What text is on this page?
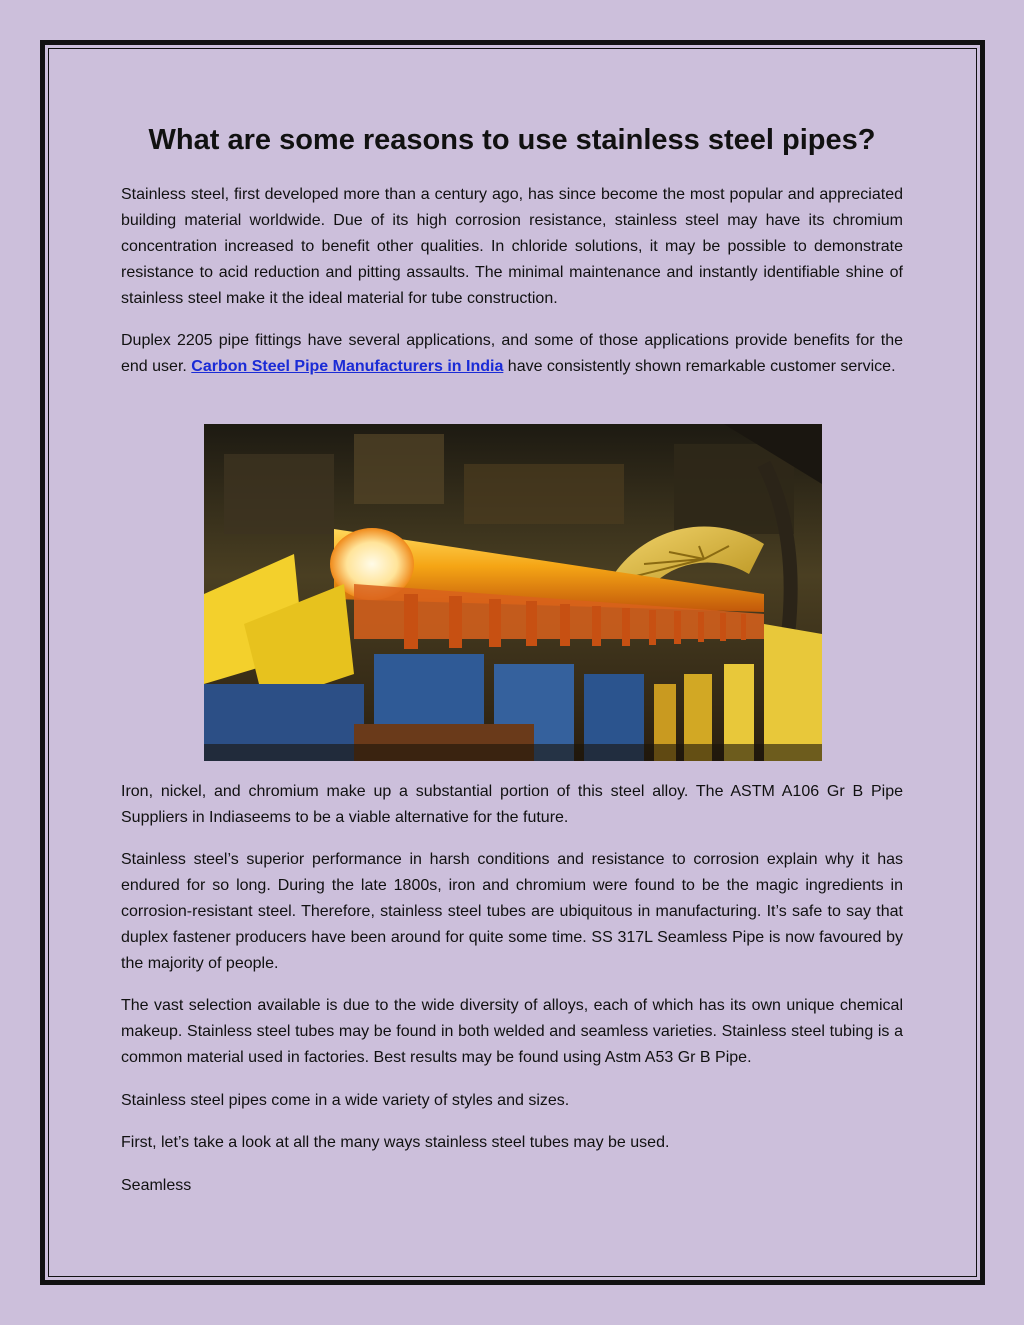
What are some reasons to use stainless steel pipes?

Stainless steel, first developed more than a century ago, has since become the most popular and appreciated building material worldwide. Due of its high corrosion resistance, stainless steel may have its chromium concentration increased to benefit other qualities. In chloride solutions, it may be possible to demonstrate resistance to acid reduction and pitting assaults. The minimal maintenance and instantly identifiable shine of stainless steel make it the ideal material for tube construction.

Duplex 2205 pipe fittings have several applications, and some of those applications provide benefits for the end user. Carbon Steel Pipe Manufacturers in India have consistently shown remarkable customer service.

Iron, nickel, and chromium make up a substantial portion of this steel alloy. The ASTM A106 Gr B Pipe Suppliers in Indiaseems to be a viable alternative for the future.

Stainless steel’s superior performance in harsh conditions and resistance to corrosion explain why it has endured for so long. During the late 1800s, iron and chromium were found to be the magic ingredients in corrosion-resistant steel. Therefore, stainless steel tubes are ubiquitous in manufacturing. It’s safe to say that duplex fastener producers have been around for quite some time. SS 317L Seamless Pipe is now favoured by the majority of people.

The vast selection available is due to the wide diversity of alloys, each of which has its own unique chemical makeup. Stainless steel tubes may be found in both welded and seamless varieties. Stainless steel tubing is a common material used in factories. Best results may be found using Astm A53 Gr B Pipe.

Stainless steel pipes come in a wide variety of styles and sizes.

First, let’s take a look at all the many ways stainless steel tubes may be used.

Seamless
